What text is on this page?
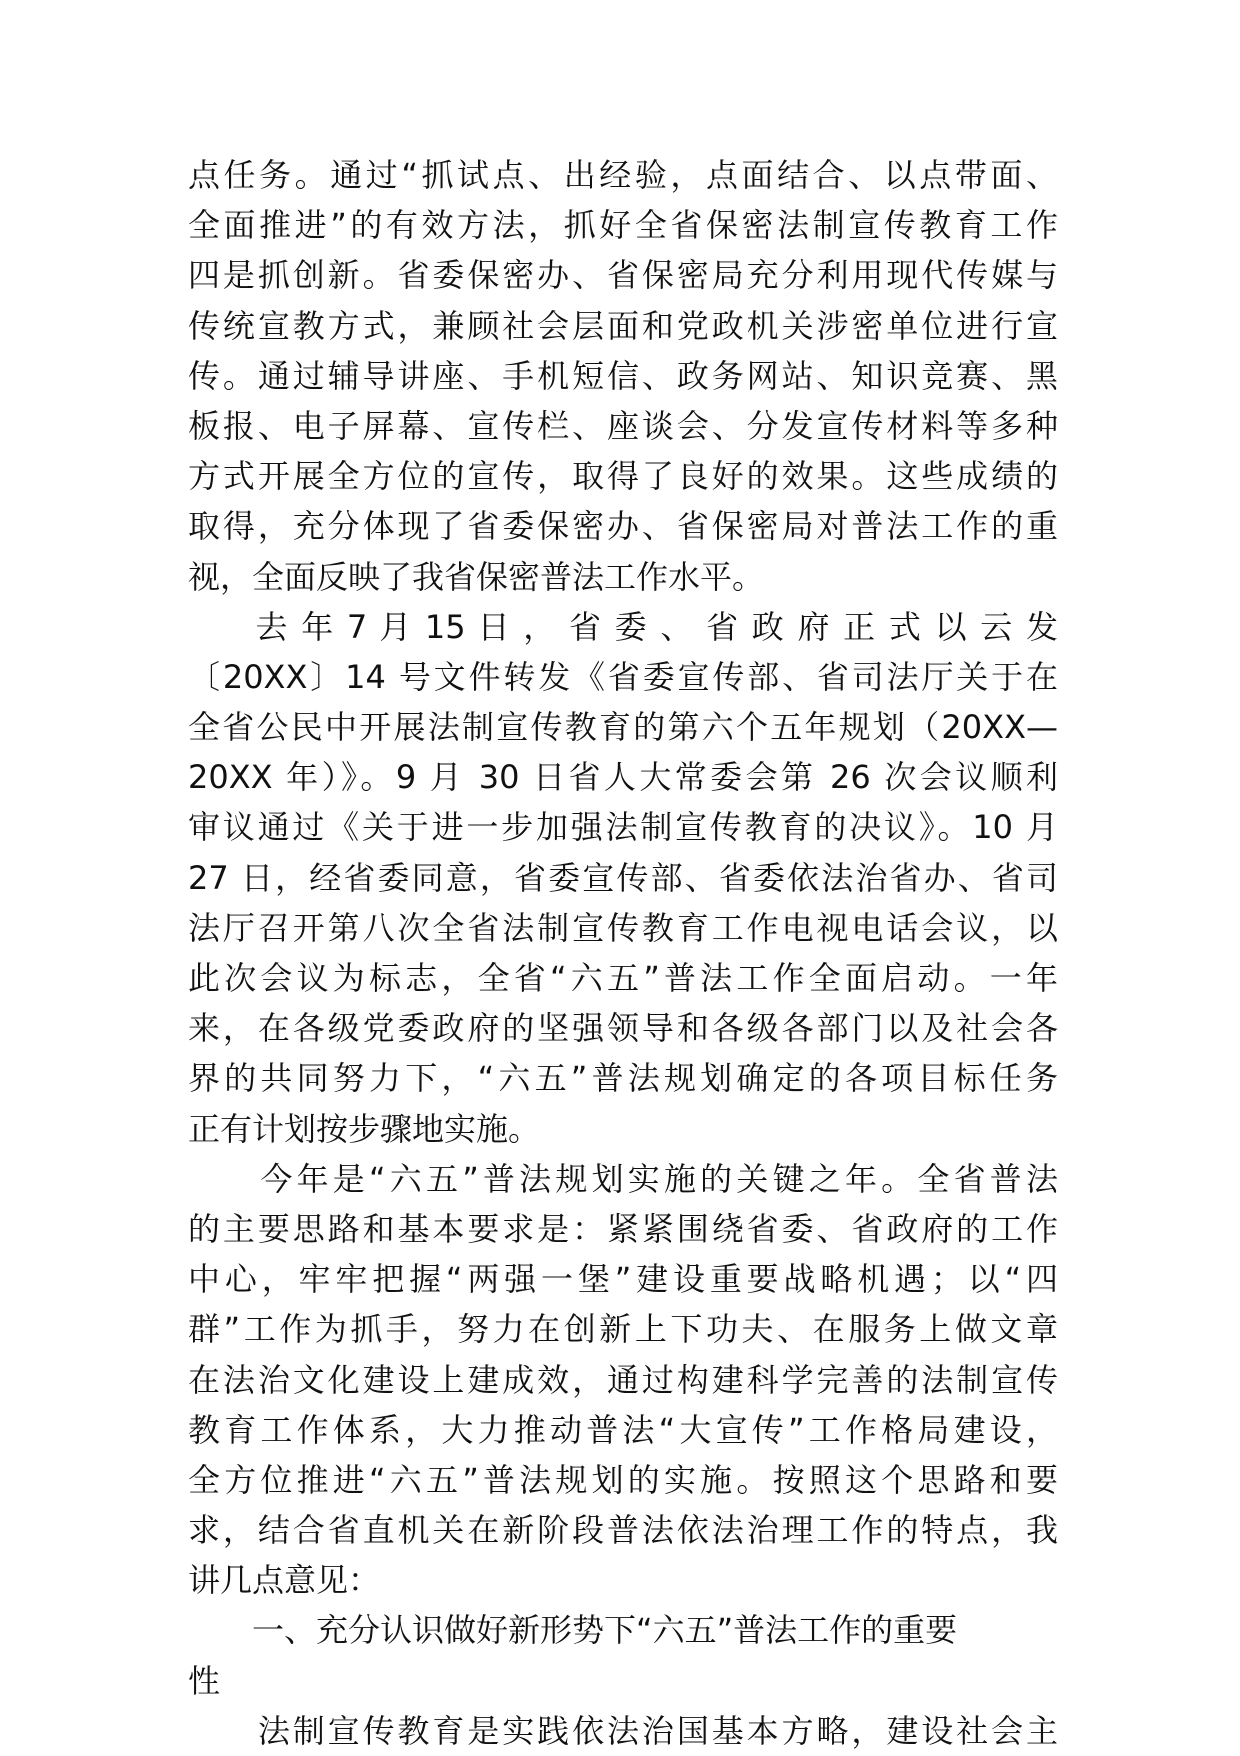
点任务。通过“抓试点、出经验，点面结合、以点带面、
全面推进”的有效方法，抓好全省保密法制宣传教育工作
四是抓创新。省委保密办、省保密局充分利用现代传媒与
传统宣教方式，兼顾社会层面和党政机关涉密单位进行宣
传。通过辅导讲座、手机短信、政务网站、知识竞赛、黑
板报、电子屏幕、宣传栏、座谈会、分发宣传材料等多种
方式开展全方位的宣传，取得了良好的效果。这些成绩的
取得，充分体现了省委保密办、省保密局对普法工作的重
视，全面反映了我省保密普法工作水平。
　　去 年 7 月 15 日 ， 省 委 、 省 政 府 正 式 以 云 发
〔20XX〕14 号文件转发《省委宣传部、省司法厅关于在
全省公民中开展法制宣传教育的第六个五年规划（20XX—
20XX 年）》。9 月 30 日省人大常委会第 26 次会议顺利
审议通过《关于进一步加强法制宣传教育的决议》。10 月
27 日，经省委同意，省委宣传部、省委依法治省办、省司
法厅召开第八次全省法制宣传教育工作电视电话会议，以
此次会议为标志，全省“六五”普法工作全面启动。一年
来，在各级党委政府的坚强领导和各级各部门以及社会各
界的共同努力下，“六五”普法规划确定的各项目标任务
正有计划按步骤地实施。
　　今年是“六五”普法规划实施的关键之年。全省普法
的主要思路和基本要求是：紧紧围绕省委、省政府的工作
中心，牢牢把握“两强一堡”建设重要战略机遇；以“四
群”工作为抓手，努力在创新上下功夫、在服务上做文章
在法治文化建设上建成效，通过构建科学完善的法制宣传
教育工作体系，大力推动普法“大宣传”工作格局建设，
全方位推进“六五”普法规划的实施。按照这个思路和要
求，结合省直机关在新阶段普法依法治理工作的特点，我
讲几点意见：
　　一、充分认识做好新形势下“六五”普法工作的重要
性
　　法制宣传教育是实践依法治国基本方略，建设社会主
